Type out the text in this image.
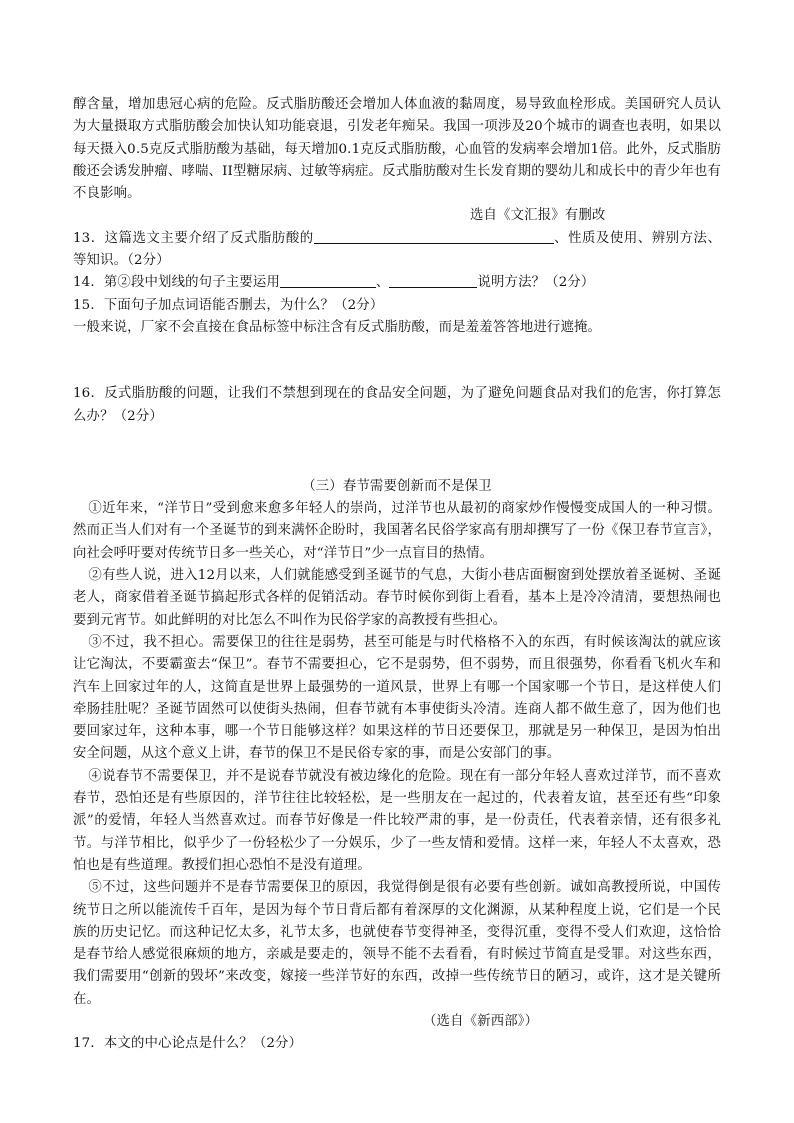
醇含量，增加患冠心病的危险。反式脂肪酸还会增加人体血液的黏周度，易导致血栓形成。美国研究人员认为大量摄取方式脂肪酸会加快认知功能衰退，引发老年痴呆。我国一项涉及20个城市的调查也表明，如果以每天摄入0.5克反式脂肪酸为基础，每天增加0.1克反式脂肪酸，心血管的发病率会增加1倍。此外，反式脂肪酸还会诱发肿瘤、哮喘、II型糖尿病、过敏等病症。反式脂肪酸对生长发育期的婴幼儿和成长中的青少年也有不良影响。

选自《文汇报》有删改

13．这篇选文主要介绍了反式脂肪酸的	、性质及使用、辨别方法、等知识。（2分）

14．第②段中划线的句子主要运用	、	说明方法？（2分）

15．下面句子加点词语能否删去，为什么？（2分）

一般来说，厂家不会直接在食品标签中标注含有反式脂肪酸，而是羞羞答答地进行遮掩。

16．反式脂肪酸的问题，让我们不禁想到现在的食品安全问题，为了避免问题食品对我们的危害，你打算怎么办？（2分）

（三）春节需要创新而不是保卫

①近年来，“洋节日”受到愈来愈多年轻人的崇尚，过洋节也从最初的商家炒作慢慢变成国人的一种习惯。然而正当人们对有一个圣诞节的到来满怀企盼时，我国著名民俗学家高有朋却撰写了一份《保卫春节宣言》，向社会呼吁要对传统节日多一些关心，对“洋节日”少一点盲目的热情。

②有些人说，进入12月以来，人们就能感受到圣诞节的气息，大街小巷店面橱窗到处摆放着圣诞树、圣诞老人，商家借着圣诞节搞起形式各样的促销活动。春节时候你到街上看看，基本上是冷冷清清，要想热闹也要到元宵节。如此鲜明的对比怎么不叫作为民俗学家的高教授有些担心。

③不过，我不担心。需要保卫的往往是弱势，甚至可能是与时代格格不入的东西，有时候该淘汰的就应该让它淘汰，不要霸蛮去“保卫”。春节不需要担心，它不是弱势，但不弱势，而且很强势，你看看飞机火车和汽车上回家过年的人，这简直是世界上最强势的一道风景，世界上有哪一个国家哪一个节日，是这样使人们牵肠挂肚呢？圣诞节固然可以使街头热闹，但春节就有本事使街头冷清。连商人都不做生意了，因为他们也要回家过年，这种本事，哪一个节日能够这样？如果这样的节日还要保卫，那就是另一种保卫，是因为怕出安全问题，从这个意义上讲，春节的保卫不是民俗专家的事，而是公安部门的事。

④说春节不需要保卫，并不是说春节就没有被边缘化的危险。现在有一部分年轻人喜欢过洋节，而不喜欢春节，恐怕还是有些原因的，洋节往往比较轻松，是一些朋友在一起过的，代表着友谊，甚至还有些“印象派”的爱情，年轻人当然喜欢过。而春节好像是一件比较严肃的事，是一份责任，代表着亲情，还有很多礼节。与洋节相比，似乎少了一份轻松少了一分娱乐，少了一些友情和爱情。这样一来，年轻人不太喜欢，恐怕也是有些道理。教授们担心恐怕不是没有道理。

⑤不过，这些问题并不是春节需要保卫的原因，我觉得倒是很有必要有些创新。诚如高教授所说，中国传统节日之所以能流传千百年，是因为每个节日背后都有着深厚的文化渊源，从某种程度上说，它们是一个民族的历史记忆。而这种记忆太多，礼节太多，也就使春节变得神圣，变得沉重，变得不受人们欢迎，这恰恰是春节给人感觉很麻烦的地方，亲戚是要走的，领导不能不去看看，有时候过节简直是受罪。对这些东西，我们需要用“创新的毁坏”来改变，嫁接一些洋节好的东西，改掉一些传统节日的陋习，或许，这才是关键所在。

（选自《新西部》）

17．本文的中心论点是什么？（2分）
